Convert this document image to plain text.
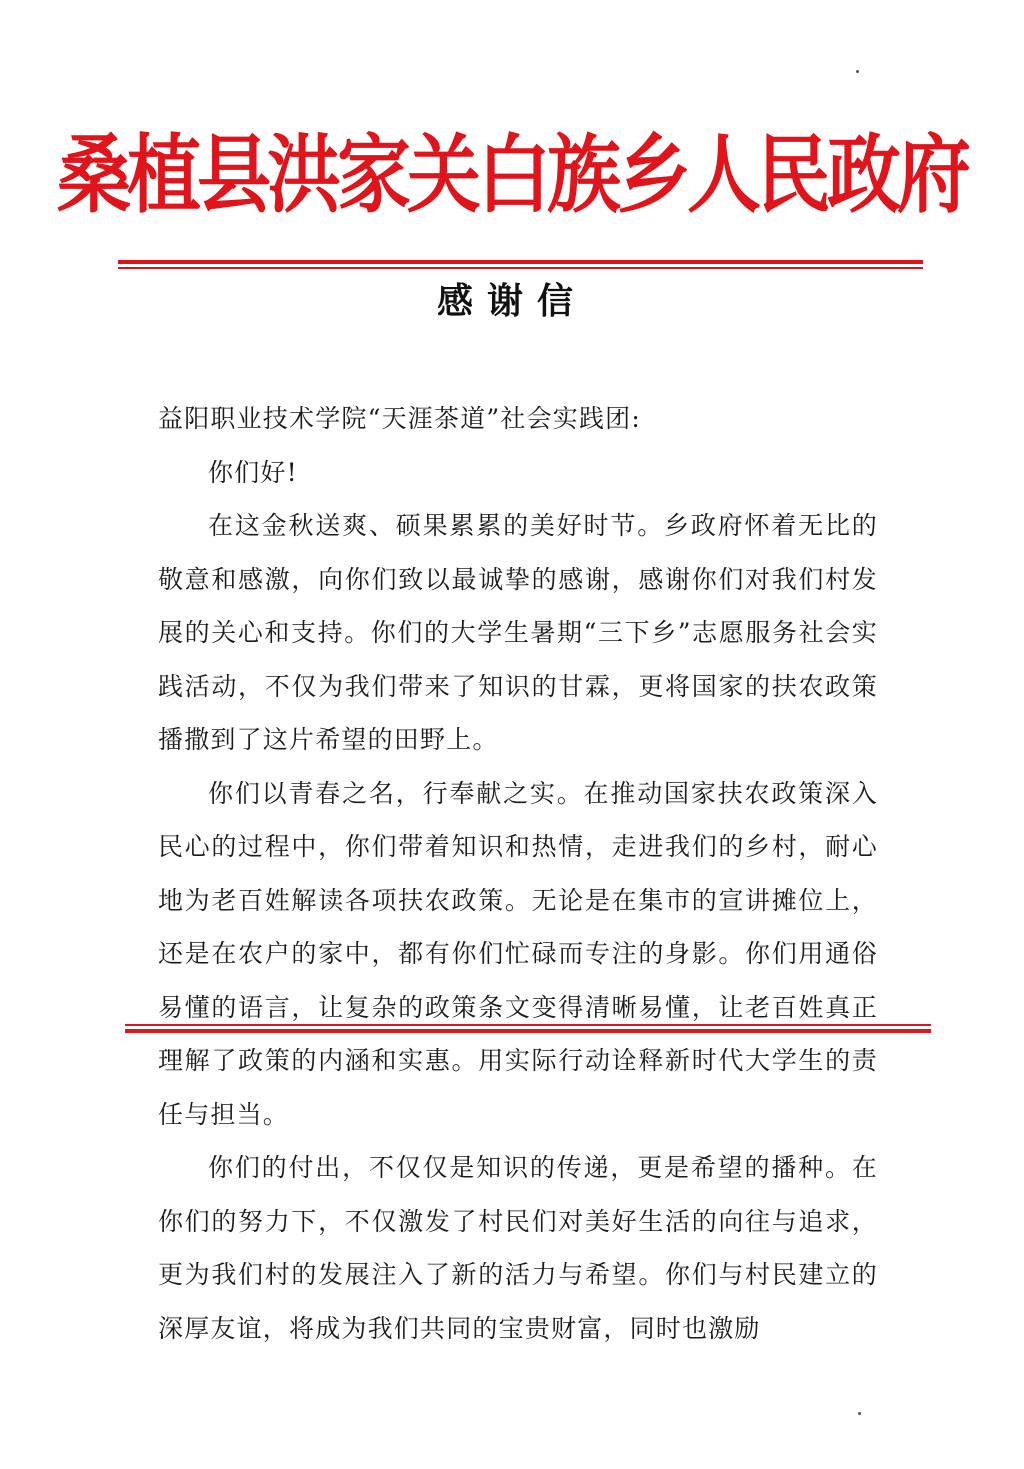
桑植县洪家关白族乡人民政府
感谢信

益阳职业技术学院“天涯茶道”社会实践团:

你们好!

在这金秋送爽、硕果累累的美好时节。乡政府怀着无比的敬意和感激，向你们致以最诚挚的感谢，感谢你们对我们村发展的关心和支持。你们的大学生暑期“三下乡”志愿服务社会实践活动，不仅为我们带来了知识的甘霖，更将国家的扶农政策播撒到了这片希望的田野上。

你们以青春之名，行奉献之实。在推动国家扶农政策深入民心的过程中，你们带着知识和热情，走进我们的乡村，耐心地为老百姓解读各项扶农政策。无论是在集市的宣讲摊位上，还是在农户的家中，都有你们忙碌而专注的身影。你们用通俗易懂的语言，让复杂的政策条文变得清晰易懂，让老百姓真正理解了政策的内涵和实惠。用实际行动诠释新时代大学生的责任与担当。

你们的付出，不仅仅是知识的传递，更是希望的播种。在你们的努力下，不仅激发了村民们对美好生活的向往与追求，更为我们村的发展注入了新的活力与希望。你们与村民建立的深厚友谊，将成为我们共同的宝贵财富，同时也激励
